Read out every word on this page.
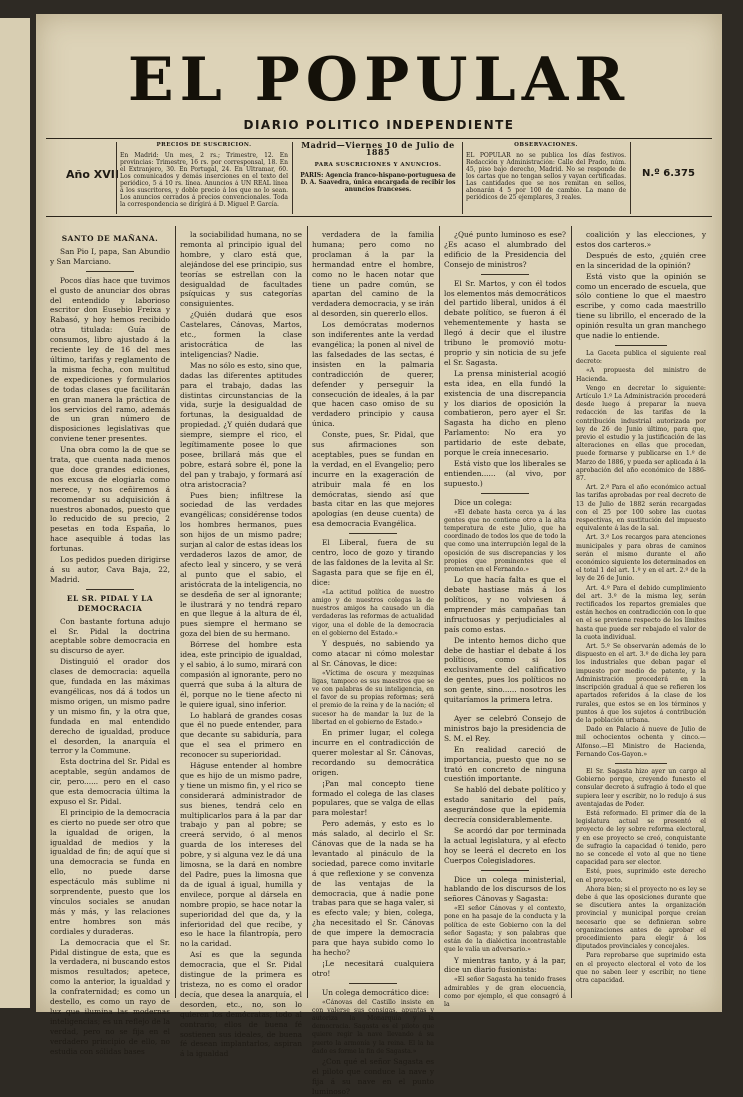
EL POPULAR
DIARIO POLITICO INDEPENDIENTE
Año XVII
PRECIOS DE SUSCRICION.
En Madrid: Un mes, 2 rs.; Trimestre, 12. En provincias: Trimestre, 16 rs. por corresponsal, 18. En el Extranjero, 30. En Portugal, 24. En Ultramar, 60. Los comunicados y demás inserciones en el texto del periódico, 5 á 10 rs. línea. Anuncios á UN REAL línea á los suscritores, y doble precio á los que no lo sean. Los anuncios cerrados á precios convencionales. Toda la correspondencia se dirigirá á D. Miguel P. García.
Madrid—Viernes 10 de Julio de 1885
PARA SUSCRICIONES Y ANUNCIOS.
PARIS: Agencia franco-hispano-portuguesa de D. A. Saavedra, única encargada de recibir los anuncios franceses.
OBSERVACIONES.
EL POPULAR no se publica los días festivos. Redacción y Administración: Calle del Prado, núm. 45, piso bajo derecho, Madrid. No se responde de los cartas que no tengan sellos y vayan certificadas. Las cantidades que se nos remitan en sellos, abonarán 4 5 por 100 de cambio. La mano de periódicos de 25 ejemplares, 3 reales.
N.º 6.375

SANTO DE MAÑANA.

San Pio I, papa, San Abundio y San Marciano.

Pocos días hace que tuvimos el gusto de anunciar dos obras del entendido y laborioso escritor don Eusebio Freixa y Rabasó, y hoy hemos recibido otra titulada: Guía de consumos, libro ajustado á la reciente ley de 16 del mes último, tarifas y reglamento de la misma fecha, con multitud de expediciones y formularios de todas clases que facilitarán en gran manera la práctica de los servicios del ramo, además de un gran número de disposiciones legislativas que conviene tener presentes.

Una obra como la de que se trata, que cuenta nada menos que doce grandes ediciones, nos excusa de elogiarla como merece, y nos ceñiremos á recomendar su adquisición á nuestros abonados, puesto que lo reducido de su precio, 2 pesetas en toda España, lo hace asequible á todas las fortunas.

Los pedidos pueden dirigirse á su autor, Cava Baja, 22, Madrid.

EL SR. PIDAL Y LA DEMOCRACIA

Con bastante fortuna adujo el Sr. Pidal la doctrina aceptable sobre democracia en su discurso de ayer.

Distinguió el orador dos clases de democracia: aquella que, fundada en las máximas evangélicas, nos dá á todos un mismo origen, un mismo padre y un mismo fin, y la otra que, fundada en mal entendido derecho de igualdad, produce el desorden, la anarquía el terror y la Commune.

Esta doctrina del Sr. Pidal es aceptable, según andamos de cir, pero...... pero en el caso que esta democracia última la expuso el Sr. Pidal.

El principio de la democracia es cierto no puede ser otro que la igualdad de origen, la igualdad de medios y la igualdad de fin; de aquí que si una democracia se funda en ello, no puede darse espectáculo más sublime ni sorprendente, puesto que los vínculos sociales se anudan más y más, y las relaciones entre hombres son más cordiales y duraderas.

La democracia que el Sr. Pidal distingue de esta, que es la verdadera, ni buscando estos mismos resultados; apetece, como la anterior, la igualdad y la confraternidad; es como un destello, es como un rayo de luz que ilumina las modernas inteligencias; es un reflejo de la verdad, pero no se fija en el verdadero principio de ello, no estudia con sólidas bases

la sociabilidad humana, no se remonta al principio igual del hombre, y claro está que, alejándose del ese principio, sus teorías se estrellan con la desigualdad de facultades psíquicas y sus categorías consiguientes.

¿Quién dudará que esos Castelares, Cánovas, Martos, etc., formen la clase aristocrática de las inteligencias? Nadie.

Mas no sólo es esto, sino que, dadas las diferentes aptitudes para el trabajo, dadas las distintas circunstancias de la vida, surje la desigualdad de fortunas, la desigualdad de propiedad. ¿Y quién dudará que siempre, siempre el rico, el legítimamente posee lo que posee, brillará más que el pobre, estará sobre él, pone la del pan y trabajo, y formará así otra aristocracia?

Pues bien; infiltrese la sociedad de las verdades evangélicas; considérense todos los hombres hermanos, pues son hijos de un mismo padre; surjan al calor de estas ideas los verdaderos lazos de amor, de afecto leal y sincero, y se verá al punto que el sabio, el aristócrata de la inteligencia, no se desdeña de ser al ignorante; le ilustrará y no tendrá reparo en que llegue á la altura de él, pues siempre el hermano se goza del bien de su hermano.

Bórrese del hombre esta idea, este principio de igualdad, y el sabio, á lo sumo, mirará con compasión al ignorante, pero no querrá que suba á la altura de él, porque no le tiene afecto ni le quiere igual, sino inferior.

Lo hablará de grandes cosas que él no puede entender, para que decante su sabiduría, para que el sea el primero en reconocer su superioridad.

Háguse entender al hombre que es hijo de un mismo padre, y tiene un mismo fin, y el rico se considerará administrador de sus bienes, tendrá celo en multiplicarlos para á la par dar trabajo y pan al pobre; se creerá servido, ó al menos guarda de los intereses del pobre, y si alguna vez le dá una limosna, se la dará en nombre del Padre, pues la limosna que da de igual á igual, humilla y envilece, porque al dársela en nombre propio, se hace notar la superioridad del que da, y la inferioridad del que recibe, y eso le hace la filantropía, pero no la caridad.

Así es que la segunda democracia, que el Sr. Pidal distingue de la primera es tristeza, no es como el orador decía, que desea la anarquía, el desorden, etc., no, son lo quieren los demócratas; todo al contrario; ellos de buena fé sostienen sus ideales, de buena fé desean implantarlos, aspiran á la igualdad

verdadera de la familia humana; pero como no proclaman á la par la hermandad entre el hombre, como no le hacen notar que tiene un padre común, se apartan del camino de la verdadera democracia, y se irán al desorden, sin quererlo ellos.

Los demócratas modernos son indiferentes ante la verdad evangélica; la ponen al nivel de las falsedades de las sectas, é insisten en la palmaria contradicción de querer, defender y perseguir la consecución de ideales, á la par que hacen caso omiso de su verdadero principio y causa única.

Conste, pues, Sr. Pidal, que sus afirmaciones son aceptables, pues se fundan en la verdad, en el Evangelio; pero incurre en la exageración de atribuir mala fé en los demócratas, siendo así que basta citar en las que mejores apologías (en deuse cuenta) de esa democracia Evangélica.

El Liberal, fuera de su centro, loco de gozo y tirando de las faldones de la levita al Sr. Sagasta para que se fije en él, dice:

«La actitud política de nuestro amigo y de nuestros colegas la de nuestros amigos ha causado un día verdaderas las reformas de actualidad vigor, una el doble de la democracia en el gobierno del Estado.»

Y después, no sabiendo ya como atacar ni cómo molestar al Sr. Cánovas, le dice:

«Víctima de oscura y mezquinas ligas, tampoco es sus maestros que se ve con palabras de su inteligencia, en el favor de su propias reformas; será el premio de la reina y de la nación; el sucesor ha de mandar la luz de la libertad en el gobierno de Estado.»

En primer lugar, el colega incurre en el contradicción de querer molestar al Sr. Cánovas, recordando su democrática origen.

¡Pan mal concepto tiene formado el colega de las clases populares, que se valga de ellas para molestar!

Pero además, y esto es lo más salado, al decirlo el Sr. Cánovas que de la nada se ha levantado al pináculo de la sociedad, parece como invitarle á que reflexione y se convenza de las ventajas de la democracia, que á nadie pone trabas para que se haga valer, si es efecto vale; y bien, colega, ¿ha necesitado el Sr. Cánovas de que impere la democracia para que haya subido como lo ha hecho?

¡Le necesitará cualquiera otro!

Un colega democrático dice:

«Cánovas del Castillo insiste en con valerse sus consigas, apuntas y autoriza la Monarquía y la democracia. Sagasta es el piloto que quiere regir la nave llevando á su puerto la armonía y la reina. El la ha dado es forme la fin de Sagasta.»

¿Con qué el señor Sagasta es el piloto que conduce la nave y fija á su nave en el punto luminoso?

¿Qué punto luminoso es ese? ¿Es acaso el alumbrado del edificio de la Presidencia del Consejo de ministros?

El Sr. Martos, y con él todos los elementos más democráticos del partido liberal, unidos á él debate político, se fueron á él vehementemente y hasta se llegó á decir que el ilustre tribuno le promovió motu-proprio y sin noticia de su jefe el Sr. Sagasta.

La prensa ministerial acogió esta idea, en ella fundó la existencia de una discrepancia y los diarios de oposición la combatieron, pero ayer el Sr. Sagasta ha dicho en pleno Parlamento: No era yo partidario de este debate, porque le creía innecesario.

Está visto que los liberales se entienden...... (al vivo, por supuesto.)

Dice un colega:

«El debate hasta cerca ya á las gentes que no contiene otro a la alta temperatura de este Julio, que ha coordinado de todos los que de todo la que como una interrupción legal de la oposición de sus discrepancias y los propios que prominentes que el prometen en el Fernando.»

Lo que hacía falta es que el debate hastiase más á los políticos, y no volviesen á emprender más campañas tan infructuosas y perjudiciales al país como estas.

De intento hemos dicho que debe de hastiar el debate á los políticos, como si los exclusivamente del calificativo de gentes, pues los políticos no son gente, sino...... nosotros les quitaríamos la primera letra.

Ayer se celebró Consejo de ministros bajo la presidencia de S. M. el Rey.

En realidad careció de importancia, puesto que no se trató en concreto de ninguna cuestión importante.

Se habló del debate político y estado sanitario del país, asegurándose que la epidemia decrecía considerablemente.

Se acordó dar por terminada la actual legislatura, y al efecto hoy se leerá el decreto en los Cuerpos Colegisladores.

Dice un colega ministerial, hablando de los discursos de los señores Cánovas y Sagasta:

«El señor Cánovas y el contexto, pone en ha pasaje de la conducta y la política de este Gobierno con la del señor Sagasta; y son palabras que están de la dialéctica incontrastable que le valía un adversario.»

Y mientras tanto, y á la par, dice un diario fusionista:

«El señor Sagasta ha tenido frases admirables y de gran elocuencia, como por ejemplo, el que consagró á la

coalición y las elecciones, y estos dos carteros.»

Después de esto, ¿quién cree en la sinceridad de la opinión?

Está visto que la opinión se como un encerado de escuela, que sólo contiene lo que el maestro escribe, y como cada maestrillo tiene su librillo, el encerado de la opinión resulta un gran manchego que nadie lo entiende.

La Gaceta publica el siguiente real decreto:

«A propuesta del ministro de Hacienda.

Vengo en decretar lo siguiente: Artículo 1.º La Administración procederá desde luego á preparar la nueva redacción de las tarifas de la contribución industrial autorizada por ley de 26 de Junio último, para que, previo el estudio y la justificación de las alteraciones en ellas que procedan, puede formarse y publicarse en 1.º de Marzo de 1886, y pueda ser aplicada á la aprobación del año económico de 1886-87.

Art. 2.º Para el año económico actual las tarifas aprobadas por real decreto de 13 de Julio de 1882 serán recargadas con el 25 por 100 sobre las cuotas respectivas, en sustitución del impuesto equivalente á las de la sal.

Art. 3.º Los recargos para atenciones municipales y para obras de caminos serán el mismo durante el año económico siguiente los determinados en el total 1 del art. 1.º y en el art. 2.º de la ley de 26 de Junio.

Art. 4.º Para el debido cumplimiento del art. 3.º de la misma ley, serán rectificados los repartos gremiales que están hechos en contradicción con lo que en el se previene respecto de los límites hasta que puede ser rebajado el valor de la cuota individual.

Art. 5.º Se observarán además de lo dispuesto en el art. 3.º de dicha ley para los industriales que deban pagar el impuesto por medio de patente, y la Administración procederá en la inscripción gradual á que se refieren los apartados referidos á la clase de los rurales, que estos se en los términos y puntos á que los sujetos á contribución de la población urbana.

Dado en Palacio á nueve de Julio de mil ochocientos ochenta y cinco.—Alfonso.—El Ministro de Hacienda, Fernando Cos-Gayon.»

El Sr. Sagasta hizo ayer un cargo al Gobierno porque, creyendo funesto el consular decreto á sufragio á todo el que supiera leer y escribir, no lo redujo á sus aventajadas de Poder.

Está reformado. El primer día de la legislatura actual se presentó el proyecto de ley sobre reforma electoral, y en ese proyecto se creó, conquistante de sufragio la capacidad ó tenido, pero no se concede el voto al que no tiene capacidad para ser elector.

Esté, pues, suprimido este derecho en el proyecto.

Ahora bien; si el proyecto no es ley se debe á que las oposiciones durante que se discutiera antes la organización provincial y municipal porque creían necesario que se definieran sobre organizaciones antes de aprobar el procedimiento para elegir á los diputados provinciales y concejales.

Para reprobarse que suprimido esta en el proyecto electoral el voto de los que no saben leer y escribir, no tiene otra capacidad.
